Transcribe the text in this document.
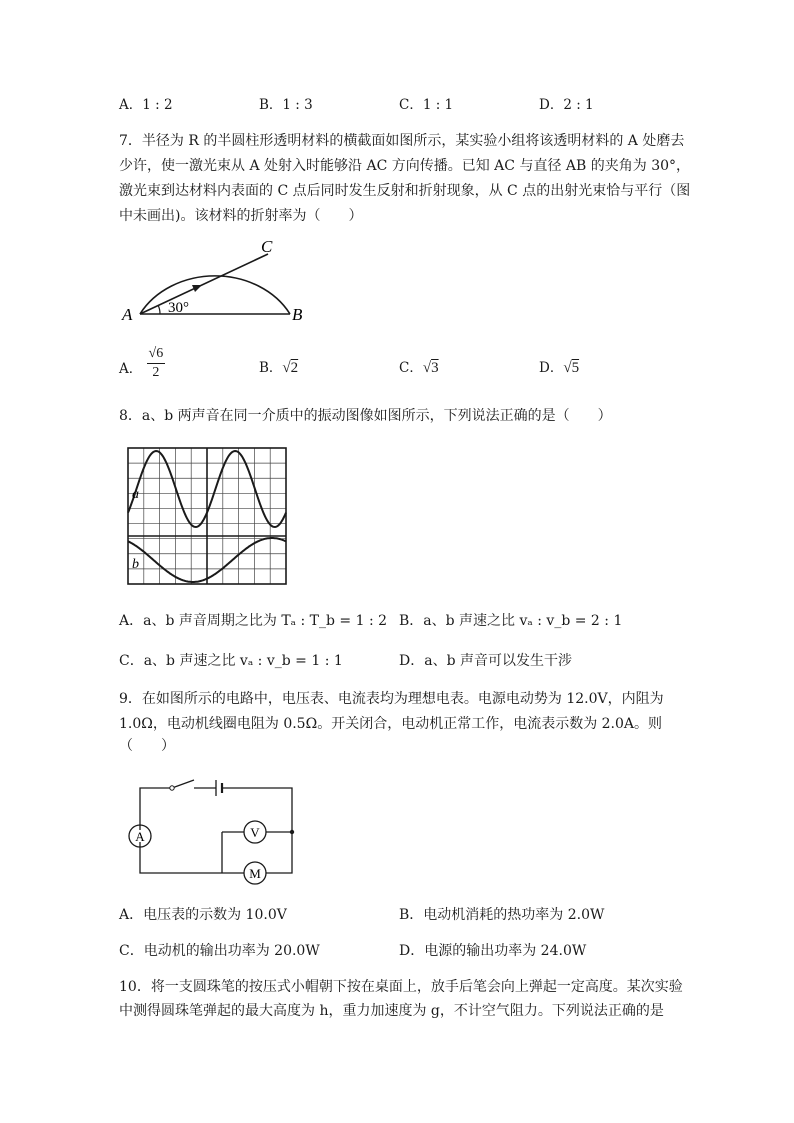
A．1 : 2	B．1 : 3	C．1 : 1	D．2 : 1
7．半径为 R 的半圆柱形透明材料的横截面如图所示，某实验小组将该透明材料的 A 处磨去
少许，使一激光束从 A 处射入时能够沿 AC 方向传播。已知 AC 与直径 AB 的夹角为 30°，
激光束到达材料内表面的 C 点后同时发生反射和折射现象，从 C 点的出射光束恰与平行（图
中未画出)。该材料的折射率为（　　）
A	B
C
30°
A． $\frac{√6}{2}$	B．√2	C．√3	D．√5
8．a、b 两声音在同一介质中的振动图像如图所示，下列说法正确的是（　　）
a
b
A．a、b 声音周期之比为 Tₐ : T_b = 1 : 2 B．a、b 声速之比 vₐ : v_b = 2 : 1
C．a、b 声速之比 vₐ : v_b = 1 : 1	D．a、b 声音可以发生干涉
9．在如图所示的电路中，电压表、电流表均为理想电表。电源电动势为 12.0V，内阻为
1.0Ω，电动机线圈电阻为 0.5Ω。开关闭合，电动机正常工作，电流表示数为 2.0A。则
（　　）
A	V
M
A．电压表的示数为 10.0V	B．电动机消耗的热功率为 2.0W
C．电动机的输出功率为 20.0W	D．电源的输出功率为 24.0W
10．将一支圆珠笔的按压式小帽朝下按在桌面上，放手后笔会向上弹起一定高度。某次实验
中测得圆珠笔弹起的最大高度为 h，重力加速度为 g，不计空气阻力。下列说法正确的是
